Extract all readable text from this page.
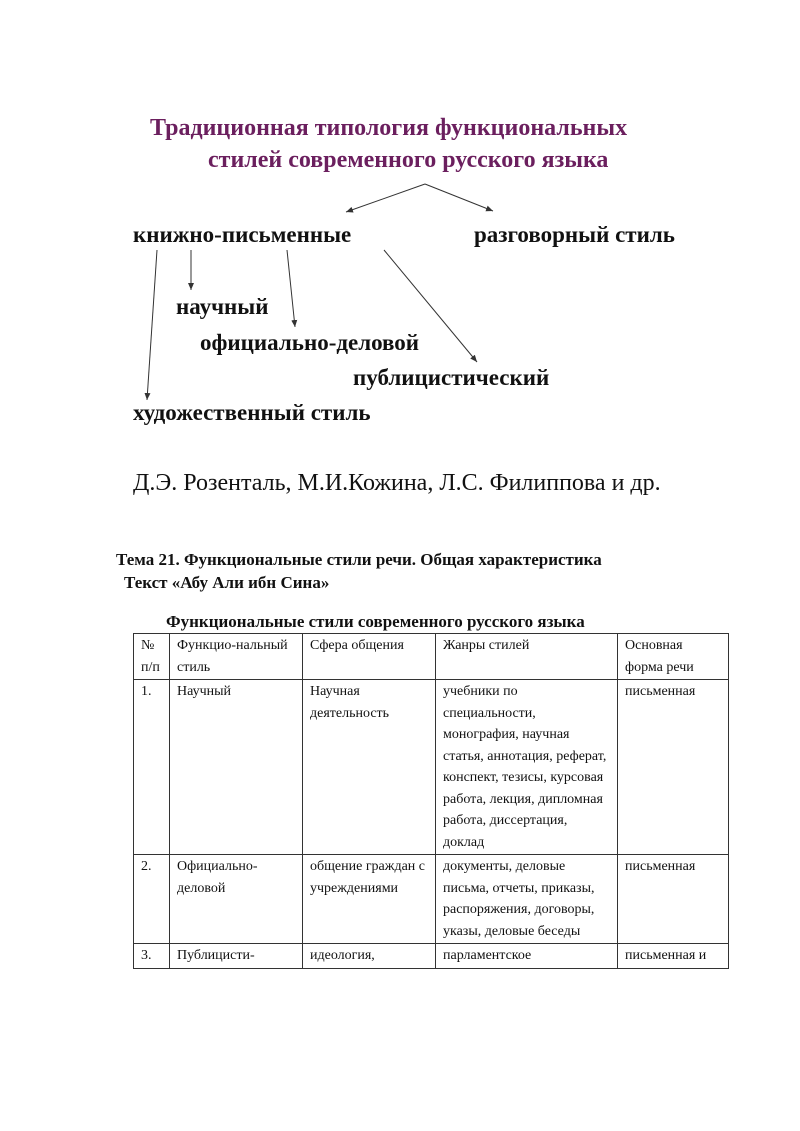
Традиционная типология функциональных
стилей современного русского языка
книжно-письменные	разговорный стиль
научный
официально-деловой
публицистический
художественный стиль
Д.Э. Розенталь, М.И.Кожина, Л.С. Филиппова и др.
Тема 21. Функциональные стили речи. Общая характеристика
Текст «Абу Али ибн Сина»
Функциональные стили современного русского языка
№ п/п	Функцио-нальный стиль	Сфера общения	Жанры стилей	Основная форма речи
1.	Научный	Научная деятельность	учебники по специальности, монография, научная статья, аннотация, реферат, конспект, тезисы, курсовая работа, лекция, дипломная работа, диссертация, доклад	письменная
2.	Официально-деловой	общение граждан с учреждениями	документы, деловые письма, отчеты, приказы, распоряжения, договоры, указы, деловые беседы	письменная
3.	Публицисти-	идеология,	парламентское	письменная и
